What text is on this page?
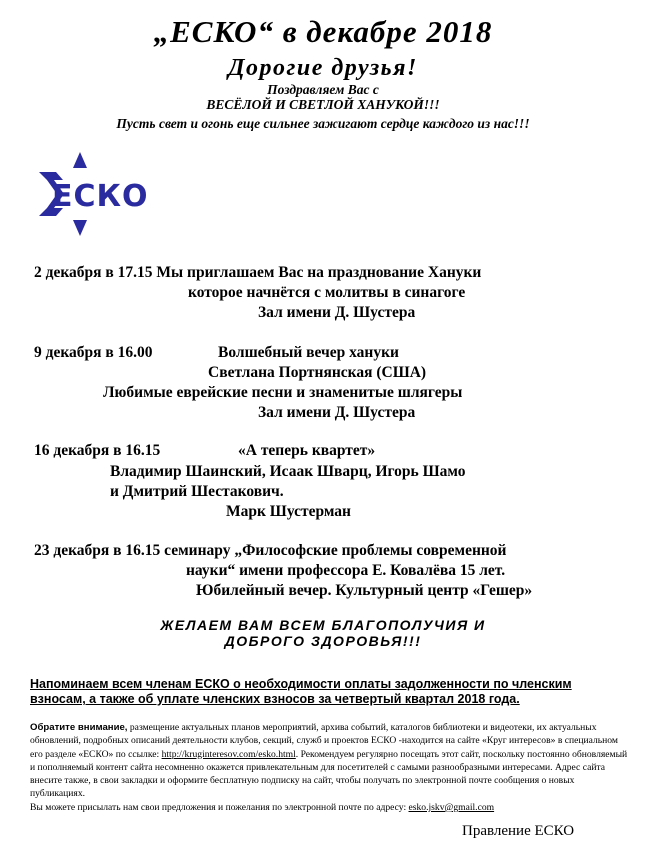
„ЕСКО“ в декабре 2018
Дорогие друзья!
Поздравляем Вас с
ВЕСЁЛОЙ И СВЕТЛОЙ ХАНУКОЙ!!!
Пусть свет и огонь еще сильнее зажигают сердце каждого из нас!!!
ЕСКО
2 декабря в 17.15 Мы приглашаем Вас на празднование Хануки
которое начнётся с молитвы в синагоге
Зал имени Д. Шустера
9 декабря в 16.00	Волшебный вечер хануки
Светлана Портнянская (США)
Любимые еврейские песни и знаменитые шлягеры
Зал имени Д. Шустера
16 декабря в 16.15	«А теперь квартет»
Владимир Шаинский, Исаак Шварц, Игорь Шамо
и Дмитрий Шестакович.
Марк Шустерман
23 декабря в 16.15 семинару „Философские проблемы современной
науки“ имени профессора Е. Ковалёва 15 лет.
Юбилейный вечер. Культурный центр «Гешер»
ЖЕЛАЕМ ВАМ ВСЕМ БЛАГОПОЛУЧИЯ И
ДОБРОГО ЗДОРОВЬЯ!!!
Напоминаем всем членам ЕСКО о необходимости оплаты задолженности по членским взносам, а также об уплате членских взносов за четвертый квартал 2018 года.
Обратите внимание, размещение актуальных планов мероприятий, архива событий, каталогов библиотеки и видеотеки, их актуальных обновлений, подробных описаний деятельности клубов, секций, служб и проектов ЕСКО -находится на сайте «Круг интересов» в специальном его разделе «ЕСКО» по ссылке: http://kruginteresov.com/esko.html. Рекомендуем регулярно посещать этот сайт, поскольку постоянно обновляемый и пополняемый контент сайта несомненно окажется привлекательным для посетителей с самыми разнообразными интересами. Адрес сайта внесите также, в свои закладки и оформите бесплатную подписку на сайт, чтобы получать по электронной почте сообщения о новых публикациях.
Вы можете присылать нам свои предложения и пожелания по электронной почте по адресу: esko.jskv@gmail.com
Правление ЕСКО
